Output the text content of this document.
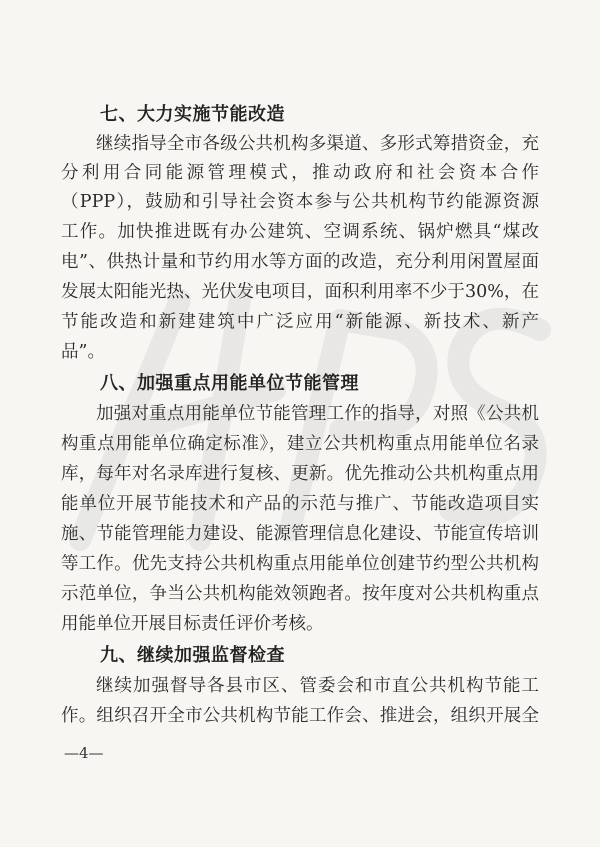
七、大力实施节能改造
继续指导全市各级公共机构多渠道、多形式筹措资金，充
分利用合同能源管理模式，推动政府和社会资本合作
（PPP），鼓励和引导社会资本参与公共机构节约能源资源
工作。加快推进既有办公建筑、空调系统、锅炉燃具“煤改
电”、供热计量和节约用水等方面的改造，充分利用闲置屋面
发展太阳能光热、光伏发电项目，面积利用率不少于30%，在
节能改造和新建建筑中广泛应用“新能源、新技术、新产
品”。
八、加强重点用能单位节能管理
加强对重点用能单位节能管理工作的指导，对照《公共机
构重点用能单位确定标准》，建立公共机构重点用能单位名录
库，每年对名录库进行复核、更新。优先推动公共机构重点用
能单位开展节能技术和产品的示范与推广、节能改造项目实
施、节能管理能力建设、能源管理信息化建设、节能宣传培训
等工作。优先支持公共机构重点用能单位创建节约型公共机构
示范单位，争当公共机构能效领跑者。按年度对公共机构重点
用能单位开展目标责任评价考核。
九、继续加强监督检查
继续加强督导各县市区、管委会和市直公共机构节能工
作。组织召开全市公共机构节能工作会、推进会，组织开展全
—4—
